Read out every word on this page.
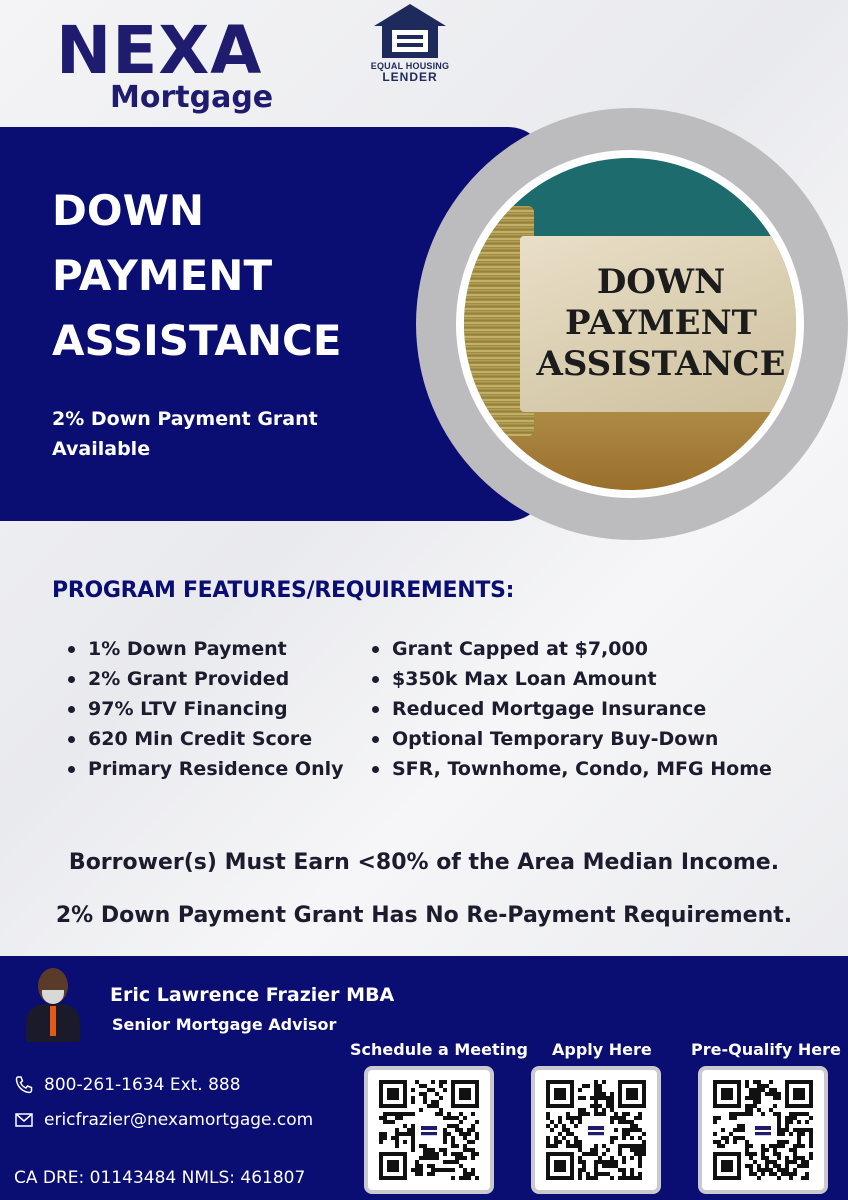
NEXA
Mortgage
EQUAL HOUSING
LENDER
DOWN
PAYMENT
ASSISTANCE
2% Down Payment Grant Available
DOWN
PAYMENT
ASSISTANCE
PROGRAM FEATURES/REQUIREMENTS:
1% Down Payment
2% Grant Provided
97% LTV Financing
620 Min Credit Score
Primary Residence Only
Grant Capped at $7,000
$350k Max Loan Amount
Reduced Mortgage Insurance
Optional Temporary Buy-Down
SFR, Townhome, Condo, MFG Home
Borrower(s) Must Earn <80% of the Area Median Income.
2% Down Payment Grant Has No Re-Payment Requirement.
Eric Lawrence Frazier MBA
Senior Mortgage Advisor
800-261-1634 Ext. 888
ericfrazier@nexamortgage.com
CA DRE: 01143484 NMLS: 461807
Schedule a Meeting Apply Here Pre-Qualify Here
